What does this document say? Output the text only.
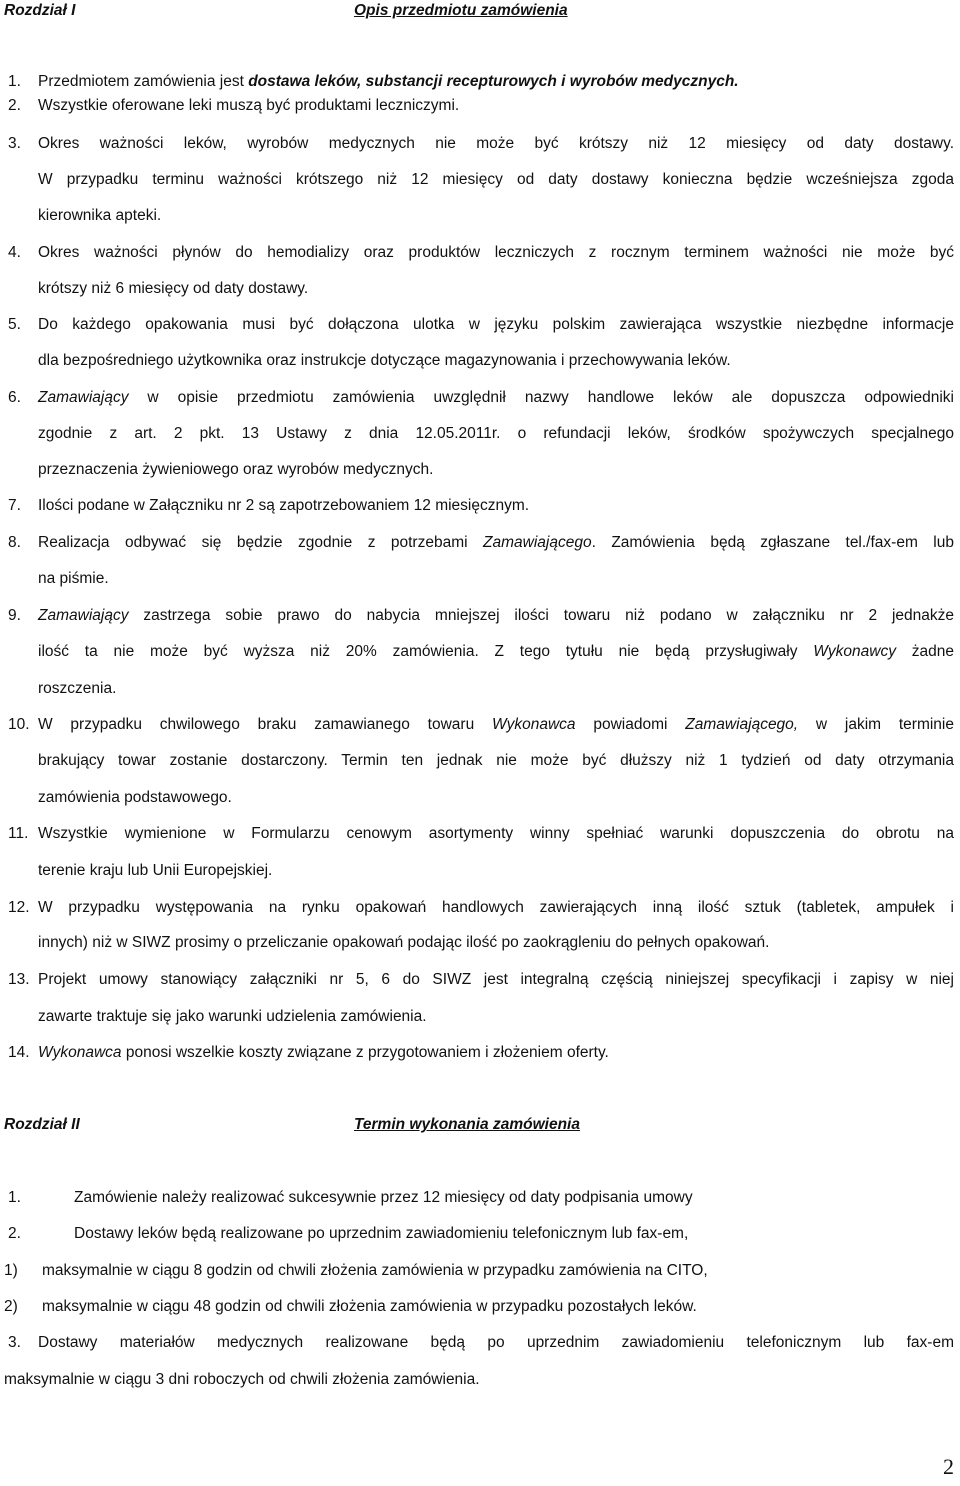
Rozdział I	Opis przedmiotu zamówienia
1. Przedmiotem zamówienia jest dostawa leków, substancji recepturowych i wyrobów medycznych.
2. Wszystkie oferowane leki muszą być produktami leczniczymi.
3. Okres ważności leków, wyrobów medycznych nie może być krótszy niż 12 miesięcy od daty dostawy.
W przypadku terminu ważności krótszego niż 12 miesięcy od daty dostawy konieczna będzie wcześniejsza zgoda
kierownika apteki.
4. Okres ważności płynów do hemodializy oraz produktów leczniczych z rocznym terminem ważności nie może być
krótszy niż 6 miesięcy od daty dostawy.
5. Do każdego opakowania musi być dołączona ulotka w języku polskim zawierająca wszystkie niezbędne informacje
dla bezpośredniego użytkownika oraz instrukcje dotyczące magazynowania i przechowywania leków.
6. Zamawiający w opisie przedmiotu zamówienia uwzględnił nazwy handlowe leków ale dopuszcza odpowiedniki
zgodnie z art. 2 pkt. 13 Ustawy z dnia 12.05.2011r. o refundacji leków, środków spożywczych specjalnego
przeznaczenia żywieniowego oraz wyrobów medycznych.
7. Ilości podane w Załączniku nr 2 są zapotrzebowaniem 12 miesięcznym.
8. Realizacja odbywać się będzie zgodnie z potrzebami Zamawiającego. Zamówienia będą zgłaszane tel./fax-em lub
na piśmie.
9. Zamawiający zastrzega sobie prawo do nabycia mniejszej ilości towaru niż podano w załączniku nr 2 jednakże
ilość ta nie może być wyższa niż 20% zamówienia. Z tego tytułu nie będą przysługiwały Wykonawcy żadne
roszczenia.
10. W przypadku chwilowego braku zamawianego towaru Wykonawca powiadomi Zamawiającego, w jakim terminie
brakujący towar zostanie dostarczony. Termin ten jednak nie może być dłuższy niż 1 tydzień od daty otrzymania
zamówienia podstawowego.
11. Wszystkie wymienione w Formularzu cenowym asortymenty winny spełniać warunki dopuszczenia do obrotu na
terenie kraju lub Unii Europejskiej.
12. W przypadku występowania na rynku opakowań handlowych zawierających inną ilość sztuk (tabletek, ampułek i
innych) niż w SIWZ prosimy o przeliczanie opakowań podając ilość po zaokrągleniu do pełnych opakowań.
13. Projekt umowy stanowiący załączniki nr 5, 6 do SIWZ jest integralną częścią niniejszej specyfikacji i zapisy w niej
zawarte traktuje się jako warunki udzielenia zamówienia.
14. Wykonawca ponosi wszelkie koszty związane z przygotowaniem i złożeniem oferty.
Rozdział II	Termin wykonania zamówienia
1.	Zamówienie należy realizować sukcesywnie przez 12 miesięcy od daty podpisania umowy
2.	Dostawy leków będą realizowane po uprzednim zawiadomieniu telefonicznym lub fax-em,
1) maksymalnie w ciągu 8 godzin od chwili złożenia zamówienia w przypadku zamówienia na CITO,
2) maksymalnie w ciągu 48 godzin od chwili złożenia zamówienia w przypadku pozostałych leków.
3. Dostawy materiałów medycznych realizowane będą po uprzednim zawiadomieniu telefonicznym lub fax-em
maksymalnie w ciągu 3 dni roboczych od chwili złożenia zamówienia.
2
